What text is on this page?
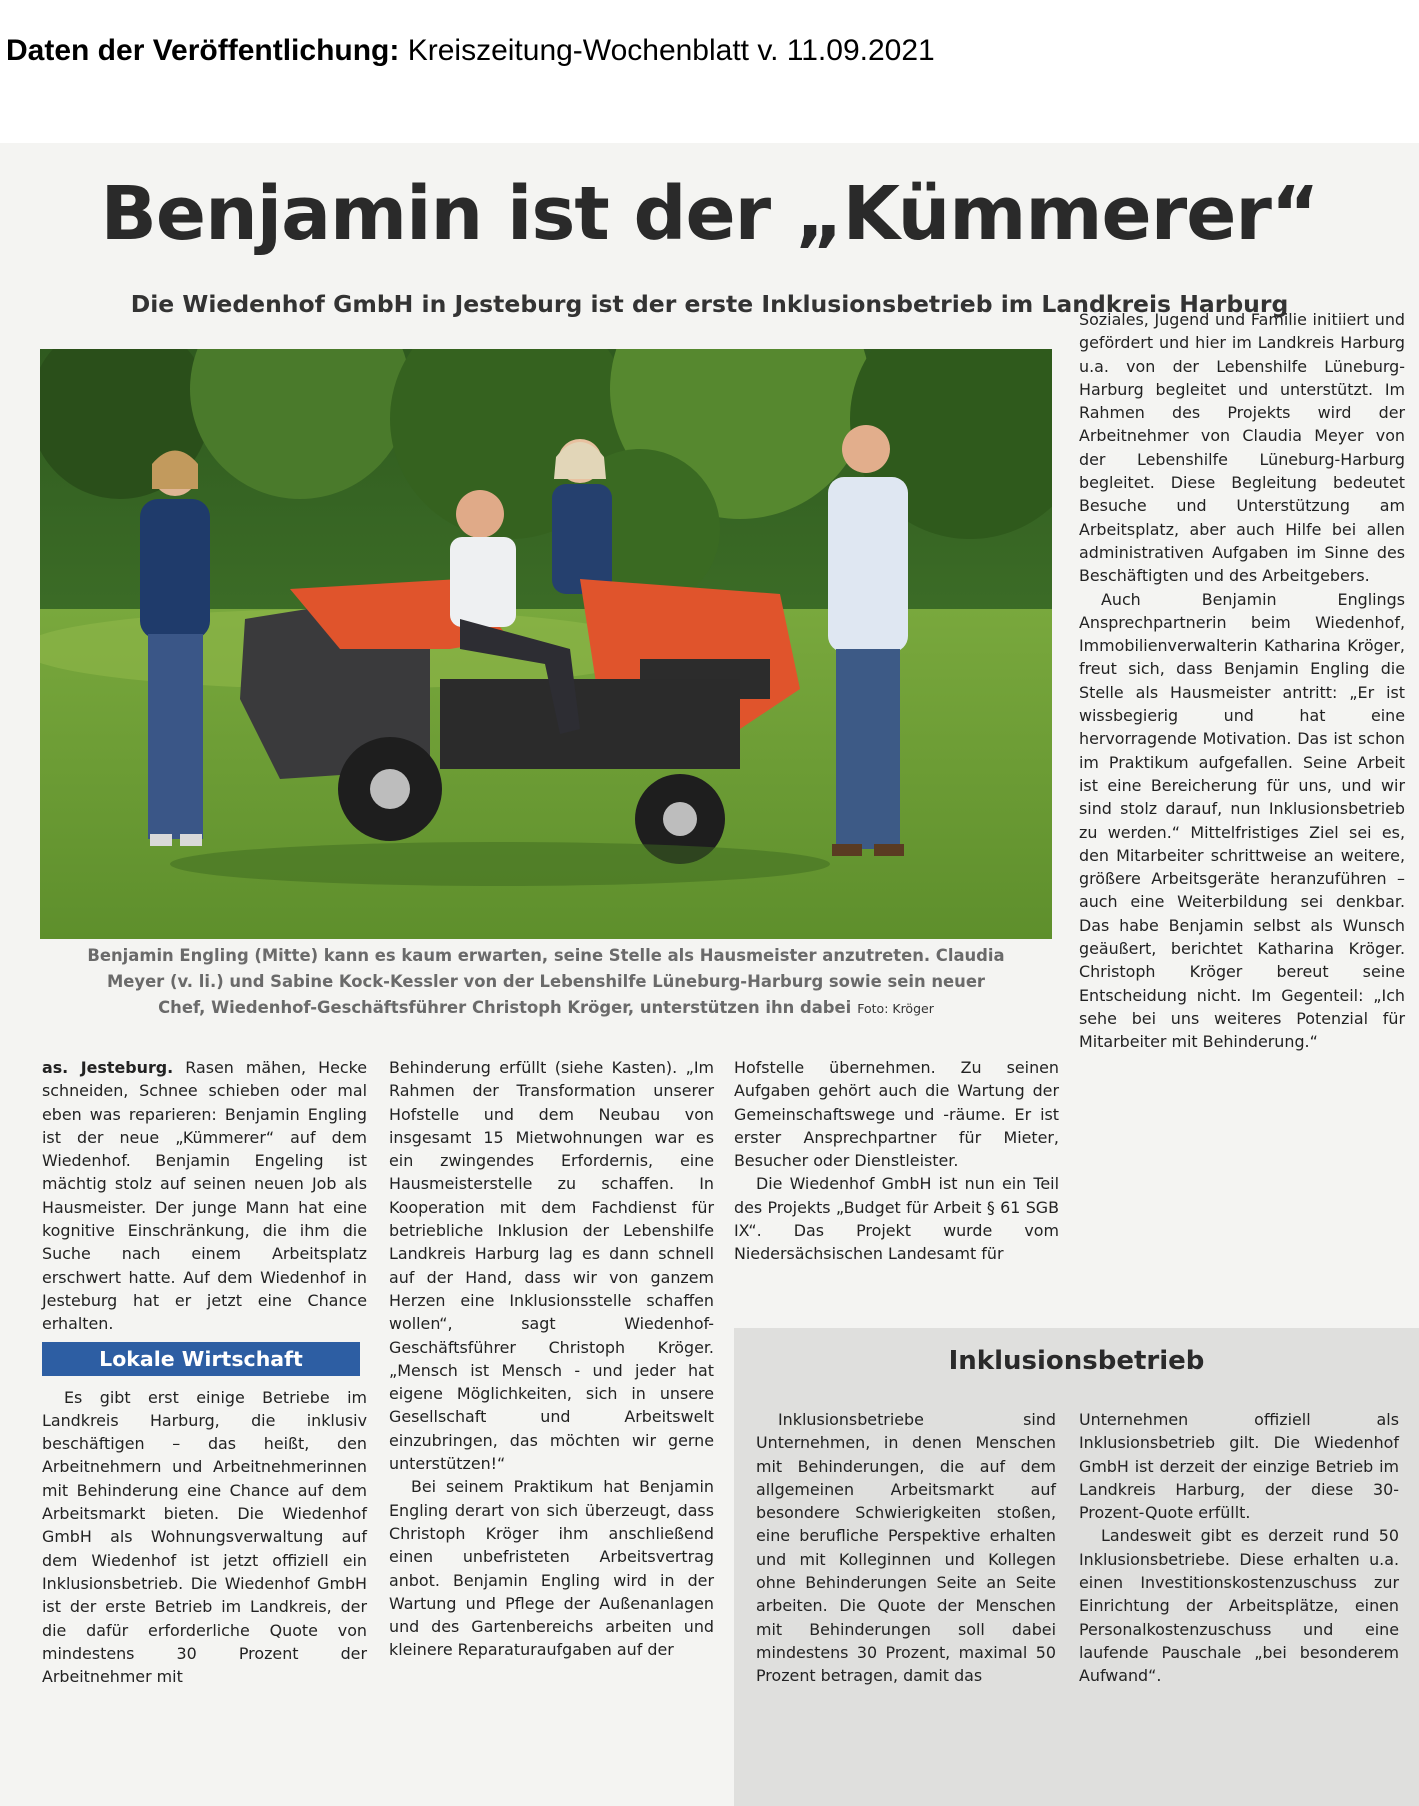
Daten der Veröffentlichung: Kreiszeitung-Wochenblatt v. 11.09.2021
Benjamin ist der „Kümmerer“
Die Wiedenhof GmbH in Jesteburg ist der erste Inklusionsbetrieb im Landkreis Harburg
Benjamin Engling (Mitte) kann es kaum erwarten, seine Stelle als Hausmeister anzutreten. Claudia
Meyer (v. li.) und Sabine Kock-Kessler von der Lebenshilfe Lüneburg-Harburg sowie sein neuer
Chef, Wiedenhof-Geschäftsführer Christoph Kröger, unterstützen ihn dabei Foto: Kröger

as. Jesteburg. Rasen mähen, Hecke schneiden, Schnee schieben oder mal eben was reparieren: Benjamin Engling ist der neue „Kümmerer“ auf dem Wiedenhof. Benjamin Engeling ist mächtig stolz auf seinen neuen Job als Hausmeister. Der junge Mann hat eine kognitive Einschränkung, die ihm die Suche nach einem Arbeitsplatz erschwert hatte. Auf dem Wiedenhof in Jesteburg hat er jetzt eine Chance erhalten.

Lokale Wirtschaft

Es gibt erst einige Betriebe im Landkreis Harburg, die inklusiv beschäftigen – das heißt, den Arbeitnehmern und Arbeitnehmerinnen mit Behinderung eine Chance auf dem Arbeitsmarkt bieten. Die Wiedenhof GmbH als Wohnungsverwaltung auf dem Wiedenhof ist jetzt offiziell ein Inklusionsbetrieb. Die Wiedenhof GmbH ist der erste Betrieb im Landkreis, der die dafür erforderliche Quote von mindestens 30 Prozent der Arbeitnehmer mit

Behinderung erfüllt (siehe Kasten). „Im Rahmen der Transformation unserer Hofstelle und dem Neubau von insgesamt 15 Mietwohnungen war es ein zwingendes Erfordernis, eine Hausmeisterstelle zu schaffen. In Kooperation mit dem Fachdienst für betriebliche Inklusion der Lebenshilfe Landkreis Harburg lag es dann schnell auf der Hand, dass wir von ganzem Herzen eine Inklusionsstelle schaffen wollen“, sagt Wiedenhof-Geschäftsführer Christoph Kröger. „Mensch ist Mensch - und jeder hat eigene Möglichkeiten, sich in unsere Gesellschaft und Arbeitswelt einzubringen, das möchten wir gerne unterstützen!“

Bei seinem Praktikum hat Benjamin Engling derart von sich überzeugt, dass Christoph Kröger ihm anschließend einen unbefristeten Arbeitsvertrag anbot. Benjamin Engling wird in der Wartung und Pflege der Außenanlagen und des Gartenbereichs arbeiten und kleinere Reparaturaufgaben auf der

Hofstelle übernehmen. Zu seinen Aufgaben gehört auch die Wartung der Gemeinschaftswege und -räume. Er ist erster Ansprechpartner für Mieter, Besucher oder Dienstleister.

Die Wiedenhof GmbH ist nun ein Teil des Projekts „Budget für Arbeit § 61 SGB IX“. Das Projekt wurde vom Niedersächsischen Landesamt für

Soziales, Jugend und Familie initiiert und gefördert und hier im Landkreis Harburg u.a. von der Lebenshilfe Lüneburg-Harburg begleitet und unterstützt. Im Rahmen des Projekts wird der Arbeitnehmer von Claudia Meyer von der Lebenshilfe Lüneburg-Harburg begleitet. Diese Begleitung bedeutet Besuche und Unterstützung am Arbeitsplatz, aber auch Hilfe bei allen administrativen Aufgaben im Sinne des Beschäftigten und des Arbeitgebers.

Auch Benjamin Englings Ansprechpartnerin beim Wiedenhof, Immobilienverwalterin Katharina Kröger, freut sich, dass Benjamin Engling die Stelle als Hausmeister antritt: „Er ist wissbegierig und hat eine hervorragende Motivation. Das ist schon im Praktikum aufgefallen. Seine Arbeit ist eine Bereicherung für uns, und wir sind stolz darauf, nun Inklusionsbetrieb zu werden.“ Mittelfristiges Ziel sei es, den Mitarbeiter schrittweise an weitere, größere Arbeitsgeräte heranzuführen – auch eine Weiterbildung sei denkbar. Das habe Benjamin selbst als Wunsch geäußert, berichtet Katharina Kröger. Christoph Kröger bereut seine Entscheidung nicht. Im Gegenteil: „Ich sehe bei uns weiteres Potenzial für Mitarbeiter mit Behinderung.“

Inklusionsbetrieb

Inklusionsbetriebe sind Unternehmen, in denen Menschen mit Behinderungen, die auf dem allgemeinen Arbeitsmarkt auf besondere Schwierigkeiten stoßen, eine berufliche Perspektive erhalten und mit Kolleginnen und Kollegen ohne Behinderungen Seite an Seite arbeiten. Die Quote der Menschen mit Behinderungen soll dabei mindestens 30 Prozent, maximal 50 Prozent betragen, damit das

Unternehmen offiziell als Inklusionsbetrieb gilt. Die Wiedenhof GmbH ist derzeit der einzige Betrieb im Landkreis Harburg, der diese 30-Prozent-Quote erfüllt.

Landesweit gibt es derzeit rund 50 Inklusionsbetriebe. Diese erhalten u.a. einen Investitionskostenzuschuss zur Einrichtung der Arbeitsplätze, einen Personalkostenzuschuss und eine laufende Pauschale „bei besonderem Aufwand“.
